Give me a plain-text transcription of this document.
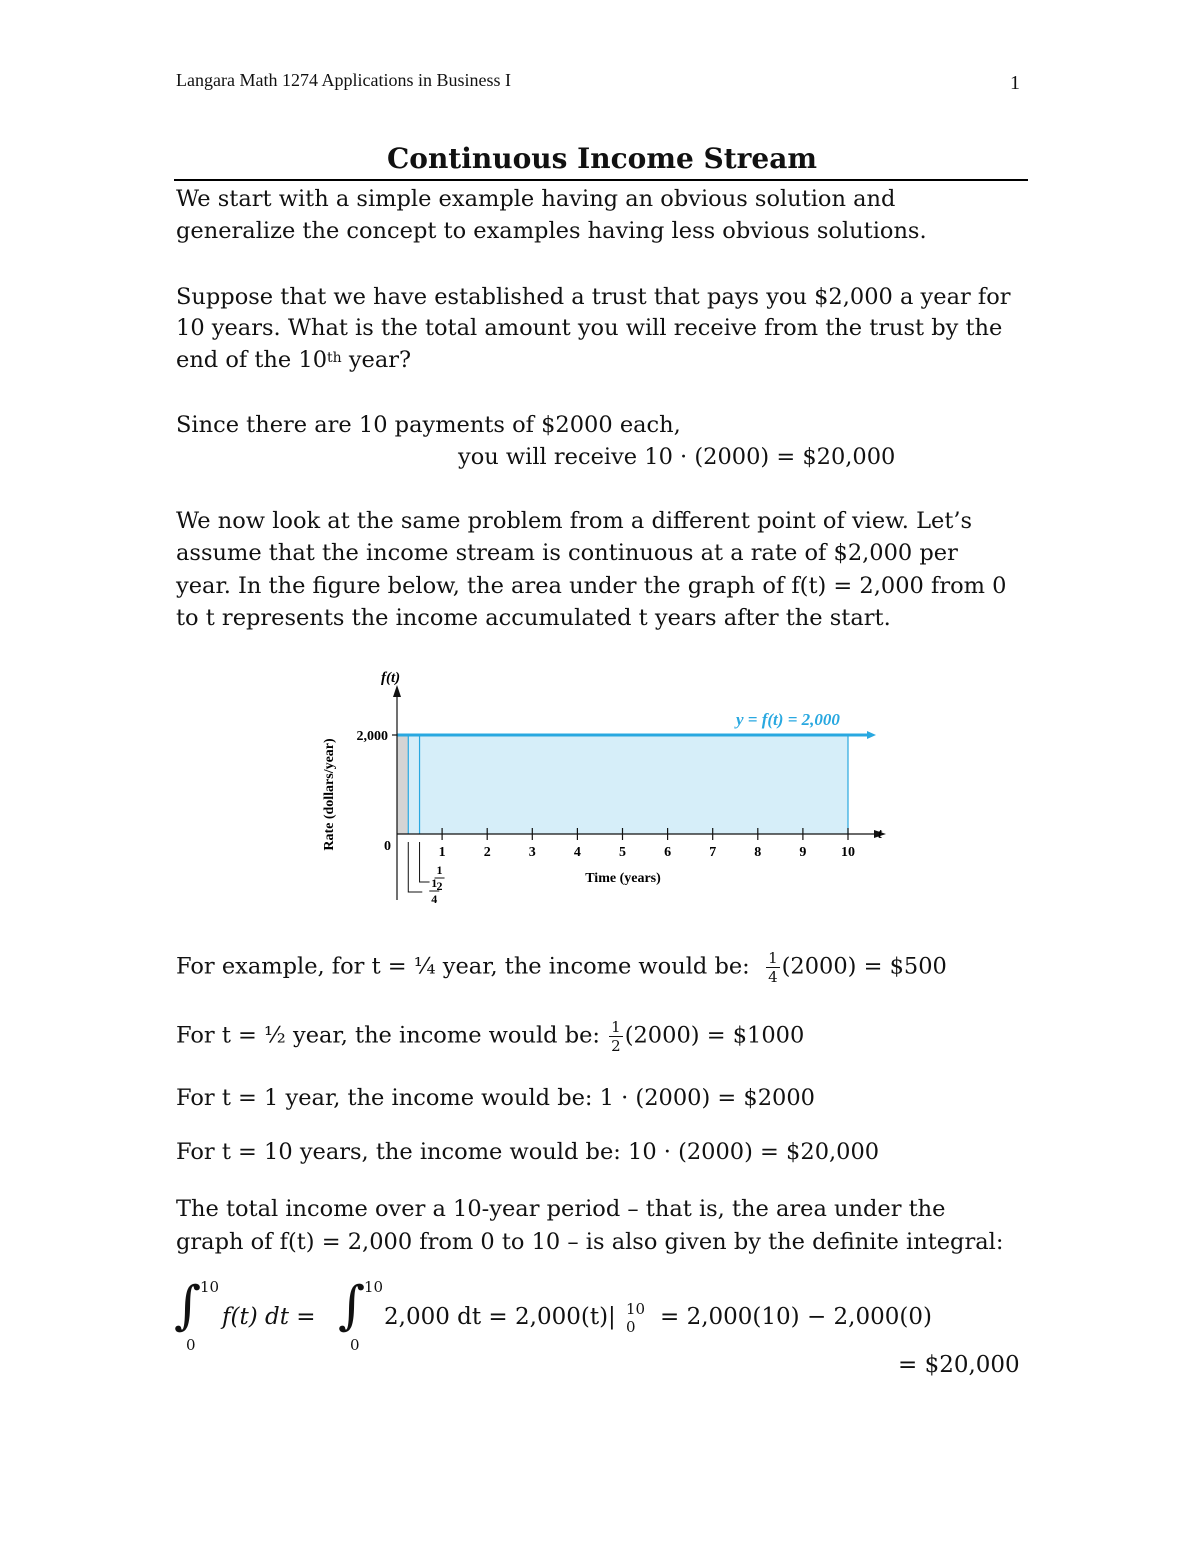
Langara Math 1274 Applications in Business I	1
Continuous Income Stream
We start with a simple example having an obvious solution and
generalize the concept to examples having less obvious solutions.
Suppose that we have established a trust that pays you $2,000 a year for
10 years. What is the total amount you will receive from the trust by the
end of the 10th year?
Since there are 10 payments of $2000 each,
you will receive 10 · (2000) = $20,000
We now look at the same problem from a different point of view. Let’s
assume that the income stream is continuous at a rate of $2,000 per
year. In the figure below, the area under the graph of f(t) = 2,000 from 0
to t represents the income accumulated t years after the start.
y = f(t) = 2,000
t
f(t)
2,000
0	1	2	3	4	5	6	7	8	9 10
Time (years)
Rate (dollars/year)
1
2
1
4
For example, for t = ¼ year, the income would be: $\frac{1}{4} (2000)$ = $500
For t = ½ year, the income would be: $\frac{1}{2} (2000)$ = $1000
For t = 1 year, the income would be: 1 · (2000) = $2000
For t = 10 years, the income would be: 10 · (2000) = $20,000
The total income over a 10-year period – that is, the area under the
graph of f(t) = 2,000 from 0 to 10 – is also given by the definite integral:
∫
10
0
f(t) dt = ∫
10
0
2,000 dt = 2,000(t)| 10
0 = 2,000(10) − 2,000(0)
= $20,000
